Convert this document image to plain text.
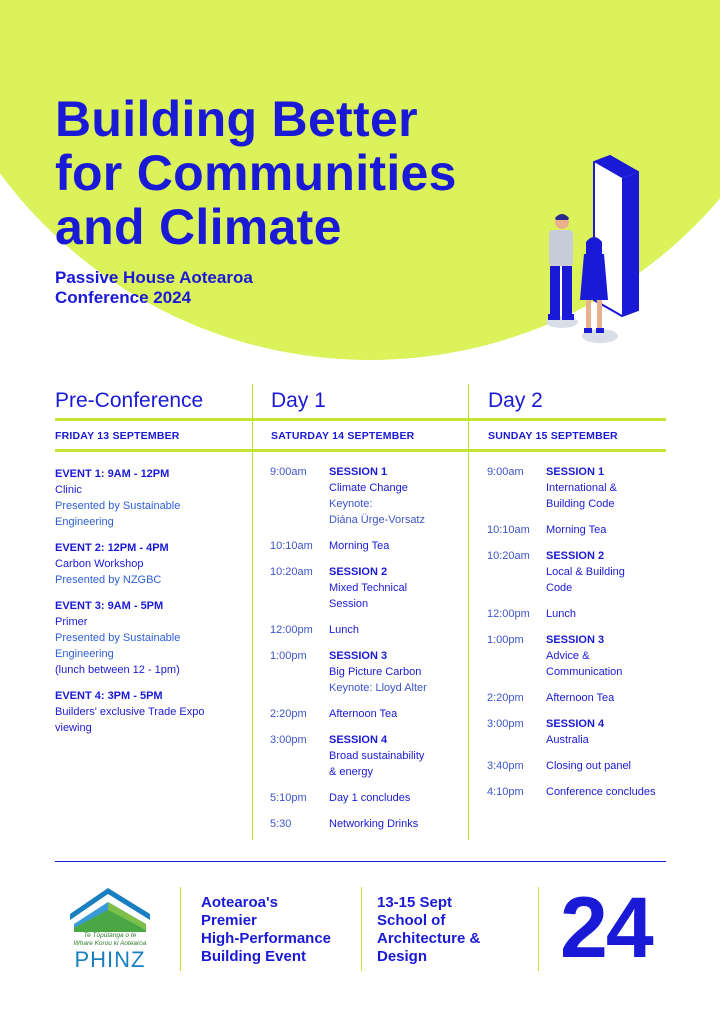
Building Better
for Communities
and Climate
Passive House Aotearoa
Conference 2024
Pre-Conference
FRIDAY 13 SEPTEMBER
Day 1
SATURDAY 14 SEPTEMBER
Day 2
SUNDAY 15 SEPTEMBER
EVENT 1: 9AM - 12PM
Clinic
Presented by Sustainable
Engineering
EVENT 2: 12PM - 4PM
Carbon Workshop
Presented by NZGBC
EVENT 3: 9AM - 5PM
Primer
Presented by Sustainable
Engineering
(lunch between 12 - 1pm)
EVENT 4: 3PM - 5PM
Builders' exclusive Trade Expo
viewing
9:00am	SESSION 1
Climate Change
Keynote:
Diána Ürge-Vorsatz
10:10am	Morning Tea
10:20am	SESSION 2
Mixed Technical
Session
12:00pm	Lunch
1:00pm	SESSION 3
Big Picture Carbon
Keynote: Lloyd Alter
2:20pm	Afternoon Tea
3:00pm	SESSION 4
Broad sustainability
& energy
5:10pm	Day 1 concludes
5:30	Networking Drinks
9:00am	SESSION 1
International &
Building Code
10:10am	Morning Tea
10:20am	SESSION 2
Local & Building
Code
12:00pm	Lunch
1:00pm	SESSION 3
Advice &
Communication
2:20pm	Afternoon Tea
3:00pm	SESSION 4
Australia
3:40pm	Closing out panel
4:10pm	Conference concludes
Te Tōpūtanga o te
Whare Korou ki Aotearoa
PHINZ
Aotearoa's
Premier
High-Performance
Building Event
13-15 Sept
School of
Architecture &
Design	24
